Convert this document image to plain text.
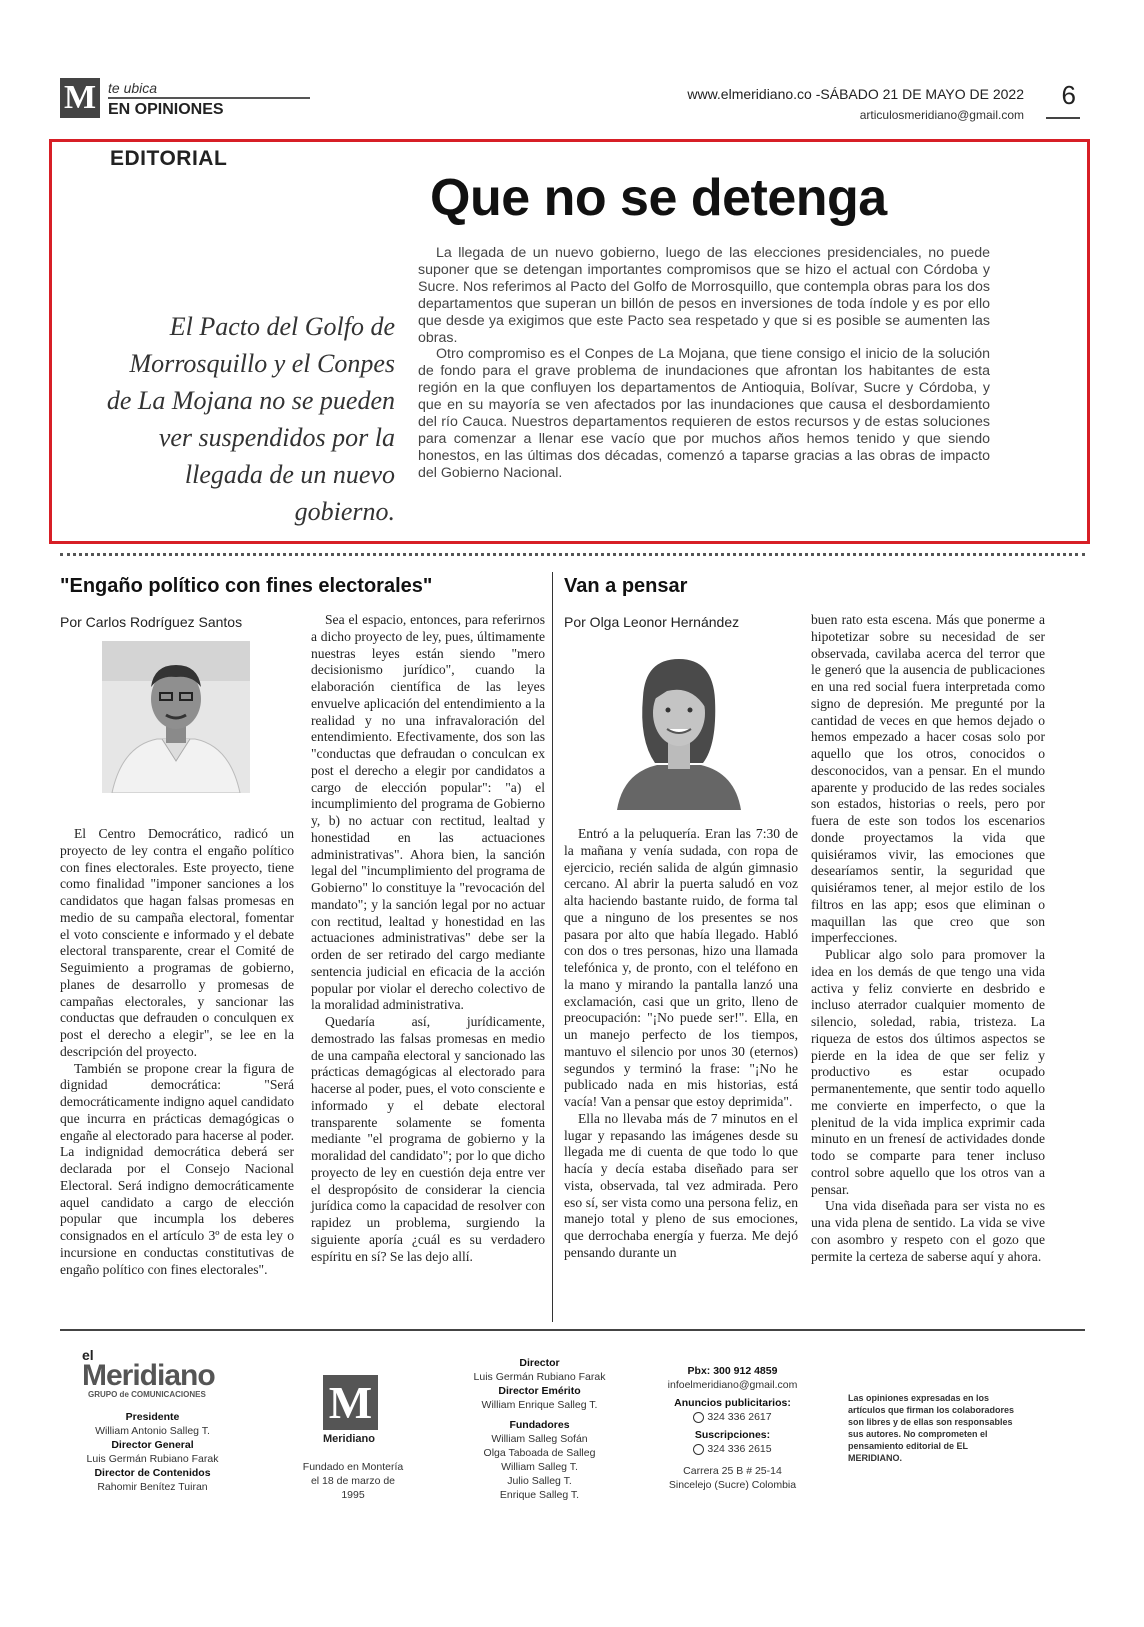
M te ubica
EN OPINIONES
www.elmeridiano.co -SÁBADO 21 DE MAYO DE 2022
articulosmeridiano@gmail.com
6
EDITORIAL
Que no se detenga
El Pacto del Golfo de Morrosquillo y el Conpes de La Mojana no se pueden ver suspendidos por la llegada de un nuevo gobierno.

La llegada de un nuevo gobierno, luego de las elecciones presidenciales, no puede suponer que se detengan importantes compromisos que se hizo el actual con Córdoba y Sucre. Nos referimos al Pacto del Golfo de Morrosquillo, que contempla obras para los dos departamentos que superan un billón de pesos en inversiones de toda índole y es por ello que desde ya exigimos que este Pacto sea respetado y que si es posible se aumenten las obras.

Otro compromiso es el Conpes de La Mojana, que tiene consigo el inicio de la solución de fondo para el grave problema de inundaciones que afrontan los habitantes de esta región en la que confluyen los departamentos de Antioquia, Bolívar, Sucre y Córdoba, y que en su mayoría se ven afectados por las inundaciones que causa el desbordamiento del río Cauca. Nuestros departamentos requieren de estos recursos y de estas soluciones para comenzar a llenar ese vacío que por muchos años hemos tenido y que siendo honestos, en las últimas dos décadas, comenzó a taparse gracias a las obras de impacto del Gobierno Nacional.

"Engaño político con fines electorales"
Por Carlos Rodríguez Santos

El Centro Democrático, radicó un proyecto de ley contra el engaño político con fines electorales. Este proyecto, tiene como finalidad "imponer sanciones a los candidatos que hagan falsas promesas en medio de su campaña electoral, fomentar el voto consciente e informado y el debate electoral transparente, crear el Comité de Seguimiento a programas de gobierno, planes de desarrollo y promesas de campañas electorales, y sancionar las conductas que defrauden o conculquen ex post el derecho a elegir", se lee en la descripción del proyecto.

También se propone crear la figura de dignidad democrática: "Será democráticamente indigno aquel candidato que incurra en prácticas demagógicas o engañe al electorado para hacerse al poder. La indignidad democrática deberá ser declarada por el Consejo Nacional Electoral. Será indigno democráticamente aquel candidato a cargo de elección popular que incumpla los deberes consignados en el artículo 3º de esta ley o incursione en conductas constitutivas de engaño político con fines electorales".

Sea el espacio, entonces, para referirnos a dicho proyecto de ley, pues, últimamente nuestras leyes están siendo "mero decisionismo jurídico", cuando la elaboración científica de las leyes envuelve aplicación del entendimiento a la realidad y no una infravaloración del entendimiento. Efectivamente, dos son las "conductas que defraudan o conculcan ex post el derecho a elegir por candidatos a cargo de elección popular": "a) el incumplimiento del programa de Gobierno y, b) no actuar con rectitud, lealtad y honestidad en las actuaciones administrativas". Ahora bien, la sanción legal del "incumplimiento del programa de Gobierno" lo constituye la "revocación del mandato"; y la sanción legal por no actuar con rectitud, lealtad y honestidad en las actuaciones administrativas" debe ser la orden de ser retirado del cargo mediante sentencia judicial en eficacia de la acción popular por violar el derecho colectivo de la moralidad administrativa.

Quedaría así, jurídicamente, demostrado las falsas promesas en medio de una campaña electoral y sancionado las prácticas demagógicas al electorado para hacerse al poder, pues, el voto consciente e informado y el debate electoral transparente solamente se fomenta mediante "el programa de gobierno y la moralidad del candidato"; por lo que dicho proyecto de ley en cuestión deja entre ver el despropósito de considerar la ciencia jurídica como la capacidad de resolver con rapidez un problema, surgiendo la siguiente aporía ¿cuál es su verdadero espíritu en sí? Se las dejo allí.

Van a pensar
Por Olga Leonor Hernández

Entró a la peluquería. Eran las 7:30 de la mañana y venía sudada, con ropa de ejercicio, recién salida de algún gimnasio cercano. Al abrir la puerta saludó en voz alta haciendo bastante ruido, de forma tal que a ninguno de los presentes se nos pasara por alto que había llegado. Habló con dos o tres personas, hizo una llamada telefónica y, de pronto, con el teléfono en la mano y mirando la pantalla lanzó una exclamación, casi que un grito, lleno de preocupación: "¡No puede ser!". Ella, en un manejo perfecto de los tiempos, mantuvo el silencio por unos 30 (eternos) segundos y terminó la frase: "¡No he publicado nada en mis historias, está vacía! Van a pensar que estoy deprimida".

Ella no llevaba más de 7 minutos en el lugar y repasando las imágenes desde su llegada me di cuenta de que todo lo que hacía y decía estaba diseñado para ser vista, observada, tal vez admirada. Pero eso sí, ser vista como una persona feliz, en manejo total y pleno de sus emociones, que derrochaba energía y fuerza. Me dejó pensando durante un

buen rato esta escena. Más que ponerme a hipotetizar sobre su necesidad de ser observada, cavilaba acerca del terror que le generó que la ausencia de publicaciones en una red social fuera interpretada como signo de depresión. Me pregunté por la cantidad de veces en que hemos dejado o hemos empezado a hacer cosas solo por aquello que los otros, conocidos o desconocidos, van a pensar. En el mundo aparente y producido de las redes sociales son estados, historias o reels, pero por fuera de este son todos los escenarios donde proyectamos la vida que quisiéramos vivir, las emociones que desearíamos sentir, la seguridad que quisiéramos tener, al mejor estilo de los filtros en las app; esos que eliminan o maquillan las que creo que son imperfecciones.

Publicar algo solo para promover la idea en los demás de que tengo una vida activa y feliz convierte en desbrido e incluso aterrador cualquier momento de silencio, soledad, rabia, tristeza. La riqueza de estos dos últimos aspectos se pierde en la idea de que ser feliz y productivo es estar ocupado permanentemente, que sentir todo aquello me convierte en imperfecto, o que la plenitud de la vida implica exprimir cada minuto en un frenesí de actividades donde todo se comparte para tener incluso control sobre aquello que los otros van a pensar.

Una vida diseñada para ser vista no es una vida plena de sentido. La vida se vive con asombro y respeto con el gozo que permite la certeza de saberse aquí y ahora.

el
Meridiano
GRUPO de COMUNICACIONES
Presidente
William Antonio Salleg T.
Director General
Luis Germán Rubiano Farak
Director de Contenidos
Rahomir Benítez Tuiran
M
Meridiano
Fundado en Montería el 18 de marzo de 1995
Director
Luis Germán Rubiano Farak
Director Emérito
William Enrique Salleg T.
Fundadores
William Salleg Sofán
Olga Taboada de Salleg
William Salleg T.
Julio Salleg T.
Enrique Salleg T.
Pbx: 300 912 4859
infoelmeridiano@gmail.com
Anuncios publicitarios:
324 336 2617
Suscripciones:
324 336 2615
Carrera 25 B # 25-14
Sincelejo (Sucre) Colombia
Las opiniones expresadas en los artículos que firman los colaboradores son libres y de ellas son responsables sus autores. No comprometen el pensamiento editorial de EL MERIDIANO.
